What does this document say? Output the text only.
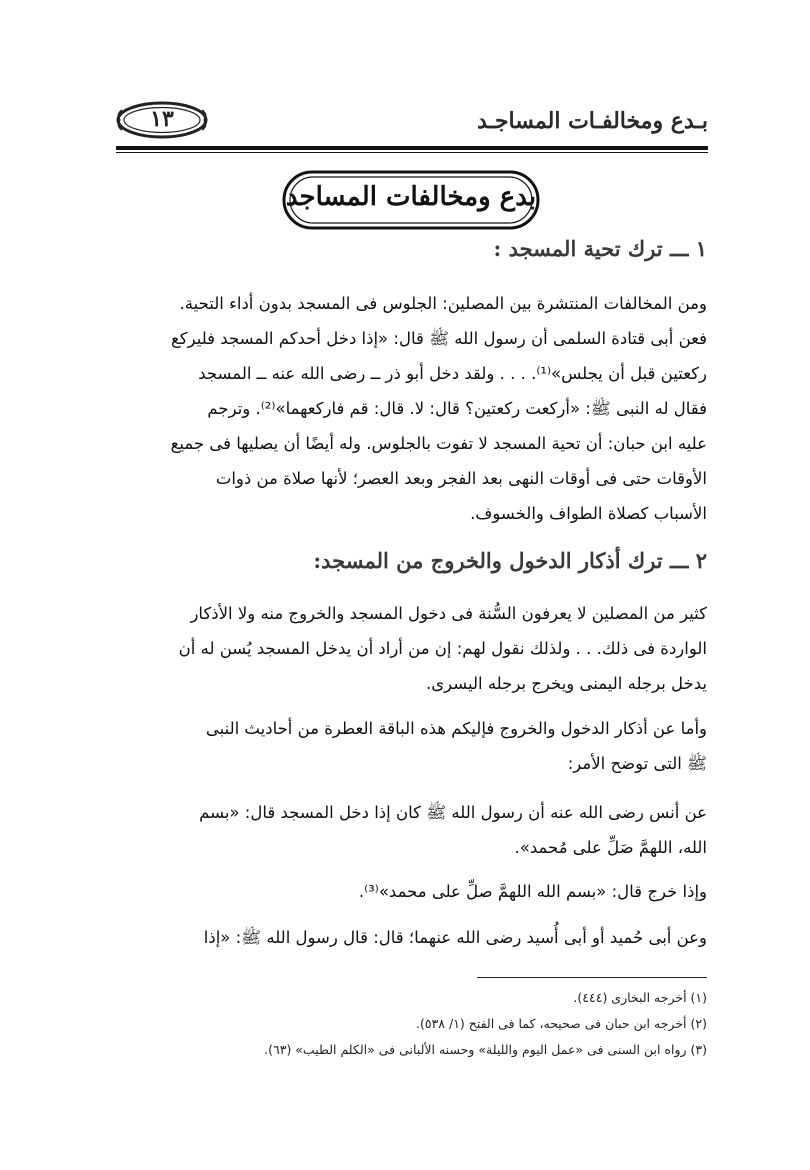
بـدع ومخالفـات المساجـد
١٣
بدع ومخالفات المساجد
١ ـــ ترك تحية المسجد :

ومن المخالفات المنتشرة بين المصلين: الجلوس فى المسجد بدون أداء التحية.
فعن أبى قتادة السلمى أن رسول الله ﷺ قال: «إذا دخل أحدكم المسجد فليركع
ركعتين قبل أن يجلس»⁽¹⁾. . . . ولقد دخل أبو ذر ــ رضى الله عنه ــ المسجد
فقال له النبى ﷺ: «أركعت ركعتين؟ قال: لا. قال: قم فاركعهما»⁽²⁾. وترجم
عليه ابن حبان: أن تحية المسجد لا تفوت بالجلوس. وله أيضًا أن يصليها فى جميع
الأوقات حتى فى أوقات النهى بعد الفجر وبعد العصر؛ لأنها صلاة من ذوات
الأسباب كصلاة الطواف والخسوف.

٢ ـــ ترك أذكار الدخول والخروج من المسجد:

كثير من المصلين لا يعرفون السُّنة فى دخول المسجد والخروج منه ولا الأذكار
الواردة فى ذلك. . . ولذلك نقول لهم: إن من أراد أن يدخل المسجد يُسن له أن
يدخل برجله اليمنى ويخرج برجله اليسرى.

وأما عن أذكار الدخول والخروج فإليكم هذه الباقة العطرة من أحاديث النبى
ﷺ التى توضح الأمر:

عن أنس رضى الله عنه أن رسول الله ﷺ كان إذا دخل المسجد قال: «بسم
الله، اللهمَّ صَلِّ على مُحمد».

وإذا خرج قال: «بسم الله اللهمَّ صلِّ على محمد»⁽³⁾.

وعن أبى حُميد أو أبى أُسيد رضى الله عنهما؛ قال: قال رسول الله ﷺ: «إذا

(١) أخرجه البخارى (٤٤٤).
(٢) أخرجه ابن حبان فى صحيحه، كما فى الفتح (١/ ٥٣٨).
(٣) رواه ابن السنى فى «عمل اليوم والليلة» وحسنه الألبانى فى «الكلم الطيب» (٦٣).
